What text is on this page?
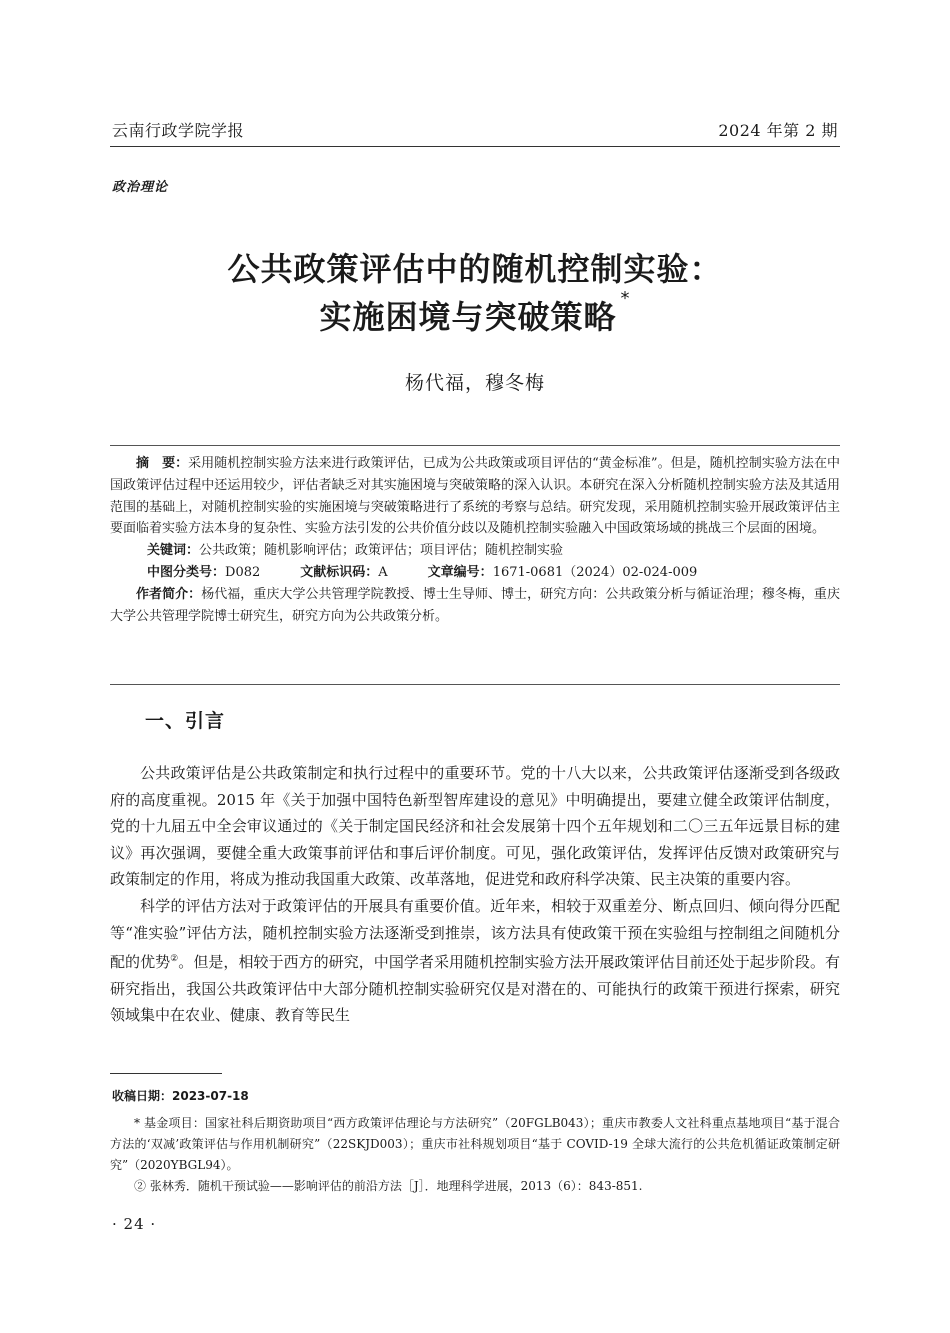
云南行政学院学报	2024 年第 2 期
政治理论
公共政策评估中的随机控制实验：
实施困境与突破策略 *
杨代福，穆冬梅

摘　要：采用随机控制实验方法来进行政策评估，已成为公共政策或项目评估的“黄金标准”。但是，随机控制实验方法在中国政策评估过程中还运用较少，评估者缺乏对其实施困境与突破策略的深入认识。本研究在深入分析随机控制实验方法及其适用范围的基础上，对随机控制实验的实施困境与突破策略进行了系统的考察与总结。研究发现，采用随机控制实验开展政策评估主要面临着实验方法本身的复杂性、实验方法引发的公共价值分歧以及随机控制实验融入中国政策场域的挑战三个层面的困境。

关键词：公共政策；随机影响评估；政策评估；项目评估；随机控制实验

中图分类号：D082	文献标识码：A	文章编号：1671-0681（2024）02-024-009

作者简介：杨代福，重庆大学公共管理学院教授、博士生导师、博士，研究方向：公共政策分析与循证治理；穆冬梅，重庆大学公共管理学院博士研究生，研究方向为公共政策分析。

一、引言

公共政策评估是公共政策制定和执行过程中的重要环节。党的十八大以来，公共政策评估逐渐受到各级政府的高度重视。2015 年《关于加强中国特色新型智库建设的意见》中明确提出，要建立健全政策评估制度，党的十九届五中全会审议通过的《关于制定国民经济和社会发展第十四个五年规划和二〇三五年远景目标的建议》再次强调，要健全重大政策事前评估和事后评价制度。可见，强化政策评估，发挥评估反馈对政策研究与政策制定的作用，将成为推动我国重大政策、改革落地，促进党和政府科学决策、民主决策的重要内容。

科学的评估方法对于政策评估的开展具有重要价值。近年来，相较于双重差分、断点回归、倾向得分匹配等“准实验”评估方法，随机控制实验方法逐渐受到推崇，该方法具有使政策干预在实验组与控制组之间随机分配的优势②。但是，相较于西方的研究，中国学者采用随机控制实验方法开展政策评估目前还处于起步阶段。有研究指出，我国公共政策评估中大部分随机控制实验研究仅是对潜在的、可能执行的政策干预进行探索，研究领域集中在农业、健康、教育等民生

收稿日期：2023-07-18

* 基金项目：国家社科后期资助项目“西方政策评估理论与方法研究”（20FGLB043）；重庆市教委人文社科重点基地项目“基于混合方法的‘双减’政策评估与作用机制研究”（22SKJD003）；重庆市社科规划项目“基于 COVID-19 全球大流行的公共危机循证政策制定研究”（2020YBGL94）。

② 张林秀．随机干预试验——影响评估的前沿方法［J］．地理科学进展，2013（6）：843-851.

· 24 ·
